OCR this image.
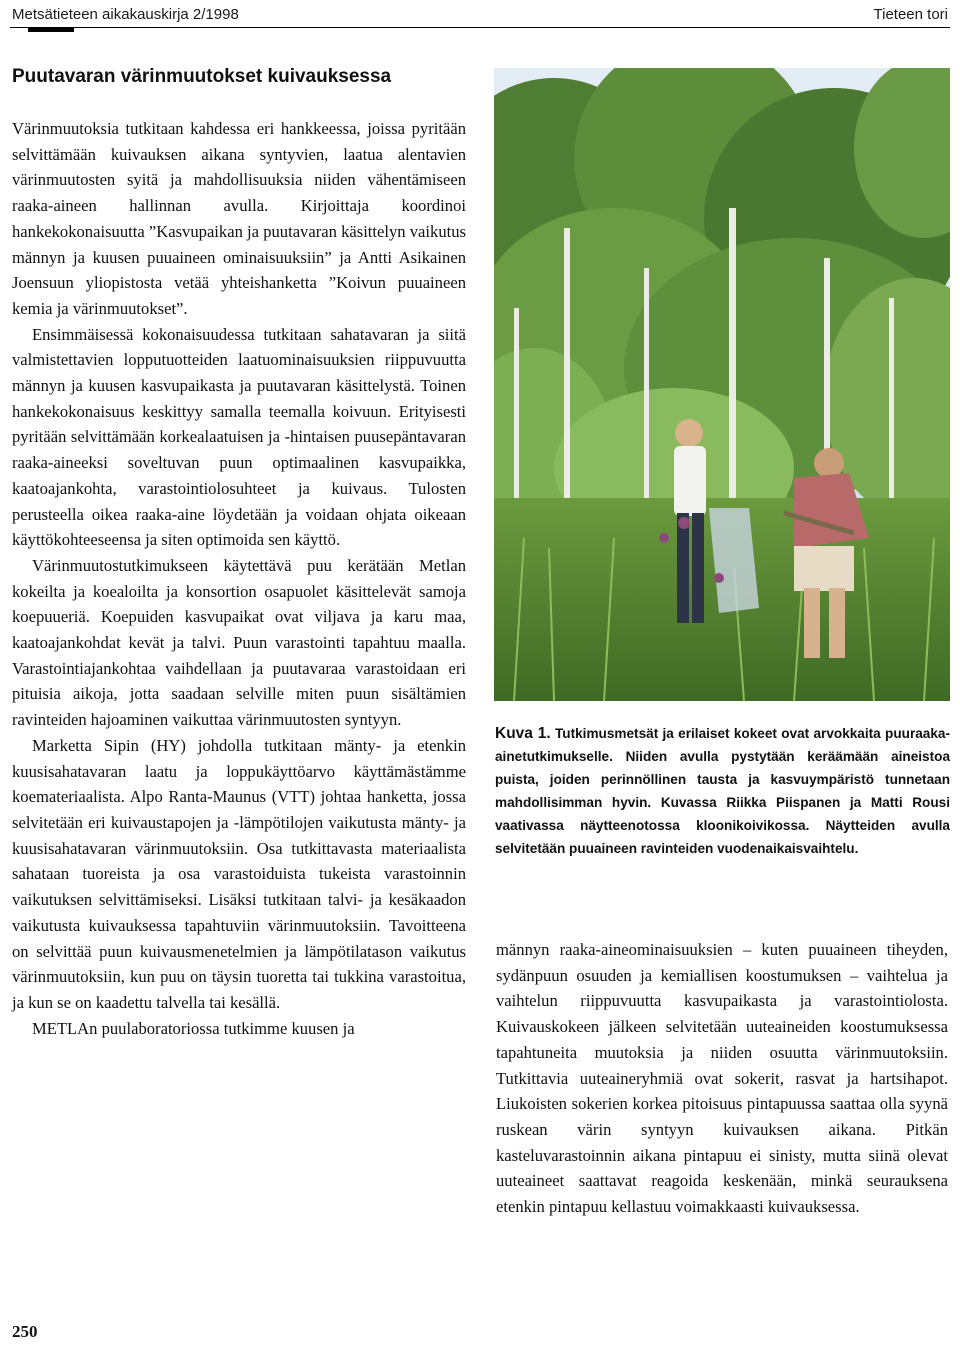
Metsätieteen aikakauskirja 2/1998	Tieteen tori
Puutavaran värinmuutokset kuivauksessa

Värinmuutoksia tutkitaan kahdessa eri hankkeessa, joissa pyritään selvittämään kuivauksen aikana syntyvien, laatua alentavien värinmuutosten syitä ja mahdollisuuksia niiden vähentämiseen raaka-aineen hallinnan avulla. Kirjoittaja koordinoi hankekokonaisuutta ”Kasvupaikan ja puutavaran käsittelyn vaikutus männyn ja kuusen puuaineen ominaisuuksiin” ja Antti Asikainen Joensuun yliopistosta vetää yhteishanketta ”Koivun puuaineen kemia ja värinmuutokset”.

Ensimmäisessä kokonaisuudessa tutkitaan sahatavaran ja siitä valmistettavien lopputuotteiden laatuominaisuuksien riippuvuutta männyn ja kuusen kasvupaikasta ja puutavaran käsittelystä. Toinen hankekokonaisuus keskittyy samalla teemalla koivuun. Erityisesti pyritään selvittämään korkealaatuisen ja -hintaisen puusepäntavaran raaka-aineeksi soveltuvan puun optimaalinen kasvupaikka, kaatoajankohta, varastointiolosuhteet ja kuivaus. Tulosten perusteella oikea raaka-aine löydetään ja voidaan ohjata oikeaan käyttökohteeseensa ja siten optimoida sen käyttö.

Värinmuutostutkimukseen käytettävä puu kerätään Metlan kokeilta ja koealoilta ja konsortion osapuolet käsittelevät samoja koepuueriä. Koepuiden kasvupaikat ovat viljava ja karu maa, kaatoajankohdat kevät ja talvi. Puun varastointi tapahtuu maalla. Varastointiajankohtaa vaihdellaan ja puutavaraa varastoidaan eri pituisia aikoja, jotta saadaan selville miten puun sisältämien ravinteiden hajoaminen vaikuttaa värinmuutosten syntyyn.

Marketta Sipin (HY) johdolla tutkitaan mänty- ja etenkin kuusisahatavaran laatu ja loppukäyttöarvo käyttämästämme koemateriaalista. Alpo Ranta-Maunus (VTT) johtaa hanketta, jossa selvitetään eri kuivaustapojen ja -lämpötilojen vaikutusta mänty- ja kuusisahatavaran värinmuutoksiin. Osa tutkittavasta materiaalista sahataan tuoreista ja osa varastoiduista tukeista varastoinnin vaikutuksen selvittämiseksi. Lisäksi tutkitaan talvi- ja kesäkaadon vaikutusta kuivauksessa tapahtuviin värinmuutoksiin. Tavoitteena on selvittää puun kuivausmenetelmien ja lämpötilatason vaikutus värinmuutoksiin, kun puu on täysin tuoretta tai tukkina varastoitua, ja kun se on kaadettu talvella tai kesällä.

METLAn puulaboratoriossa tutkimme kuusen ja

Kuva 1. Tutkimusmetsät ja erilaiset kokeet ovat arvokkaita puuraaka-ainetutkimukselle. Niiden avulla pystytään keräämään aineistoa puista, joiden perinnöllinen tausta ja kasvuympäristö tunnetaan mahdollisimman hyvin. Kuvassa Riikka Piispanen ja Matti Rousi vaativassa näytteenotossa kloonikoivikossa. Näytteiden avulla selvitetään puuaineen ravinteiden vuodenaikaisvaihtelu.

männyn raaka-aineominaisuuksien – kuten puuaineen tiheyden, sydänpuun osuuden ja kemiallisen koostumuksen – vaihtelua ja vaihtelun riippuvuutta kasvupaikasta ja varastointiolosta. Kuivauskokeen jälkeen selvitetään uuteaineiden koostumuksessa tapahtuneita muutoksia ja niiden osuutta värinmuutoksiin. Tutkittavia uuteaineryhmiä ovat sokerit, rasvat ja hartsihapot. Liukoisten sokerien korkea pitoisuus pintapuussa saattaa olla syynä ruskean värin syntyyn kuivauksen aikana. Pitkän kasteluvarastoinnin aikana pintapuu ei sinisty, mutta siinä olevat uuteaineet saattavat reagoida keskenään, minkä seurauksena etenkin pintapuu kellastuu voimakkaasti kuivauksessa.

250
